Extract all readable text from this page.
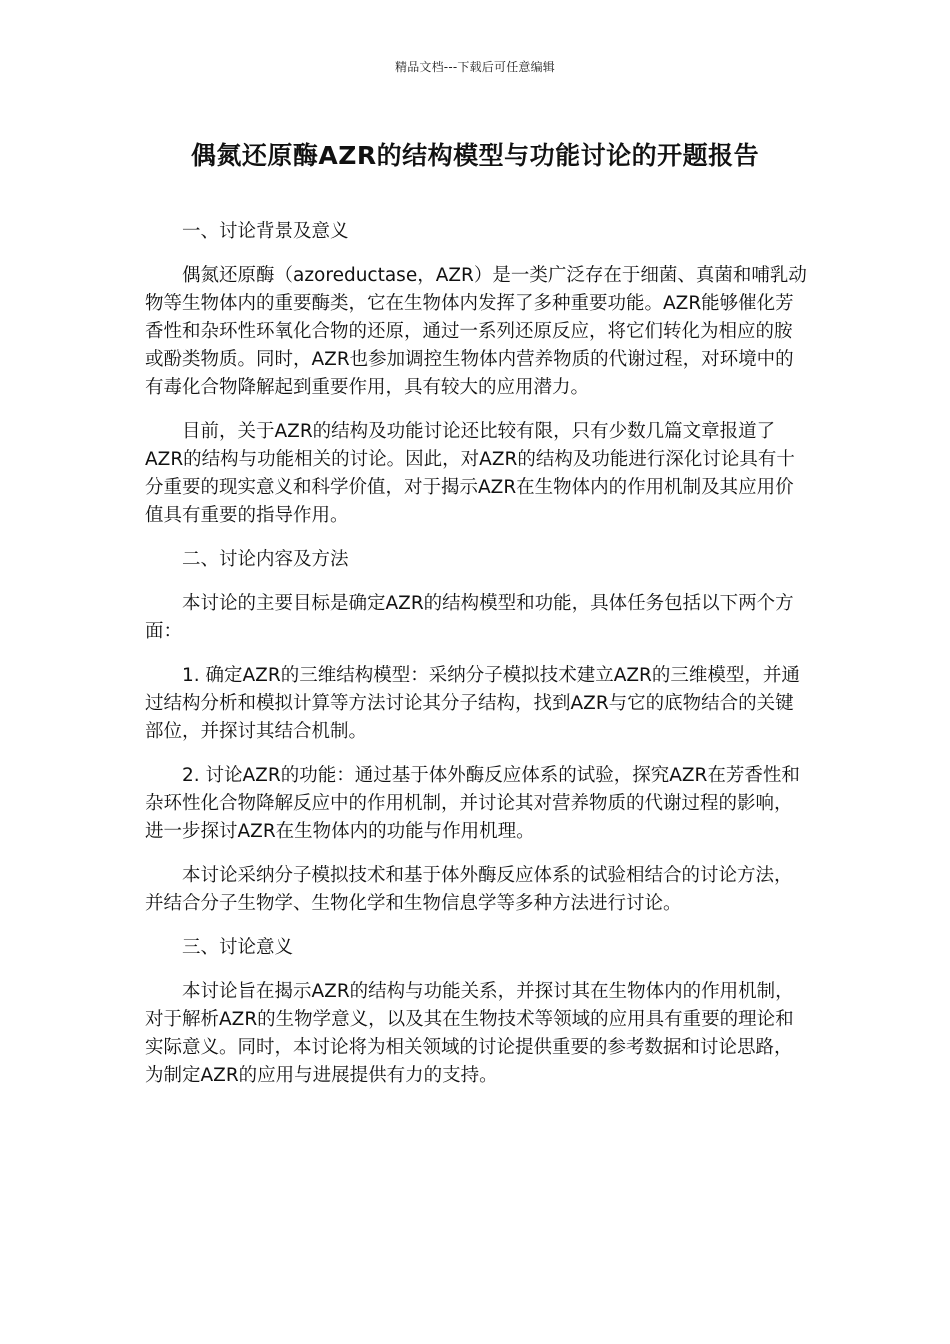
精品文档---下载后可任意编辑
偶氮还原酶AZR的结构模型与功能讨论的开题报告
一、讨论背景及意义

偶氮还原酶（azoreductase，AZR）是一类广泛存在于细菌、真菌和哺乳动物等生物体内的重要酶类，它在生物体内发挥了多种重要功能。AZR能够催化芳香性和杂环性环氧化合物的还原，通过一系列还原反应，将它们转化为相应的胺或酚类物质。同时，AZR也参加调控生物体内营养物质的代谢过程，对环境中的有毒化合物降解起到重要作用，具有较大的应用潜力。

目前，关于AZR的结构及功能讨论还比较有限，只有少数几篇文章报道了AZR的结构与功能相关的讨论。因此，对AZR的结构及功能进行深化讨论具有十分重要的现实意义和科学价值，对于揭示AZR在生物体内的作用机制及其应用价值具有重要的指导作用。

二、讨论内容及方法

本讨论的主要目标是确定AZR的结构模型和功能，具体任务包括以下两个方面：

1. 确定AZR的三维结构模型：采纳分子模拟技术建立AZR的三维模型，并通过结构分析和模拟计算等方法讨论其分子结构，找到AZR与它的底物结合的关键部位，并探讨其结合机制。

2. 讨论AZR的功能：通过基于体外酶反应体系的试验，探究AZR在芳香性和杂环性化合物降解反应中的作用机制，并讨论其对营养物质的代谢过程的影响，进一步探讨AZR在生物体内的功能与作用机理。

本讨论采纳分子模拟技术和基于体外酶反应体系的试验相结合的讨论方法，并结合分子生物学、生物化学和生物信息学等多种方法进行讨论。

三、讨论意义

本讨论旨在揭示AZR的结构与功能关系，并探讨其在生物体内的作用机制，对于解析AZR的生物学意义，以及其在生物技术等领域的应用具有重要的理论和实际意义。同时，本讨论将为相关领域的讨论提供重要的参考数据和讨论思路，为制定AZR的应用与进展提供有力的支持。
